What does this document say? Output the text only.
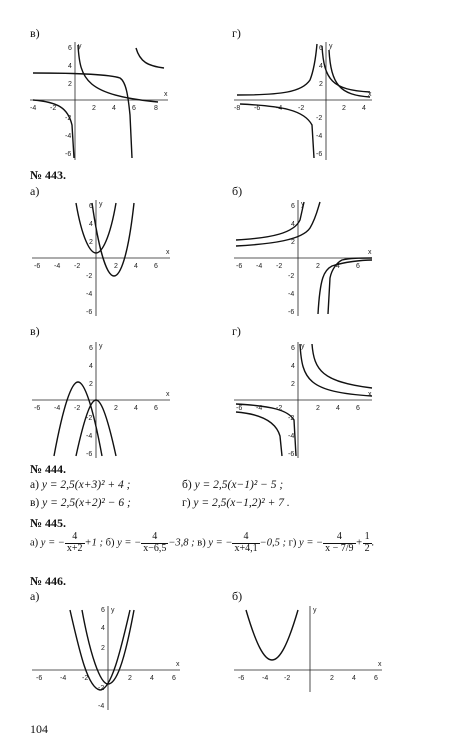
в)	г)
x
y
-4 -2	2 4 6	8
6
4
2
-2
-4
-6
x
y
-8 -6 -4 -2	2 4
6
4
2
-2
-4
-6
№ 443.
а)	б)
x
y
-6 -4 -2	2 4 6
6
4
2
-2
-4
-6
x
y
-6 -4 -2	2 4 6
6
4
2
-2
-4
-6
в)	г)
x
y
-6 -4 -2	2 4 6
6
4
2
-2
-4
-6
x
y
-6 -4 -2	2 4 6
6
4
2
-2
-4
-6
№ 444.
а) y = 2,5(x+3)² + 4 ;	б) y = 2,5(x−1)² − 5 ;
в) y = 2,5(x+2)² − 6 ;	г) y = 2,5(x−1,2)² + 7 .
№ 445.
а) y = − $\frac{4}{x+2} +1$ ; б) y = − $\frac{4}{x-6,5} -3,8$ ; в) y = − $\frac{4}{x+4,1} -0,5$ ; г) y = − $\frac{4}{x - 7/9} + \frac{1}{2}$ .
№ 446.
а)	б)
x
y
-6	-4 -2	2	4	6
6
4
2
-2
-4
x
y
-6	-4 -2	2	4	6
104
